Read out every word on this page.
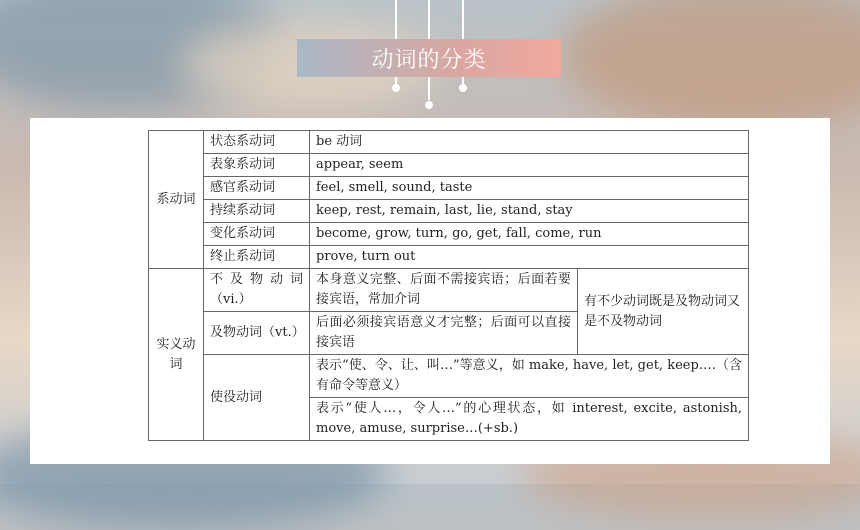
动词的分类
系动词	状态系动词	be 动词	
	表象系动词	appear, seem	
	感官系动词	feel, smell, sound, taste	
	持续系动词	keep, rest, remain, last, lie, stand, stay	
	变化系动词	become, grow, turn, go, get, fall, come, run	
	终止系动词	prove, turn out	
实义动词	不及物动词（vi.）	本身意义完整、后面不需接宾语；后面若要接宾语，常加介词	有不少动词既是及物动词又是不及物动词
	及物动词（vt.）	后面必须接宾语意义才完整；后面可以直接接宾语	
	使役动词	表示“使、令、让、叫…”等意义，如 make, have, let, get, keep….（含有命令等意义）	
		表示“使人…，令人…”的心理状态，如 interest, excite, astonish, move, amuse, surprise…(+sb.)	
